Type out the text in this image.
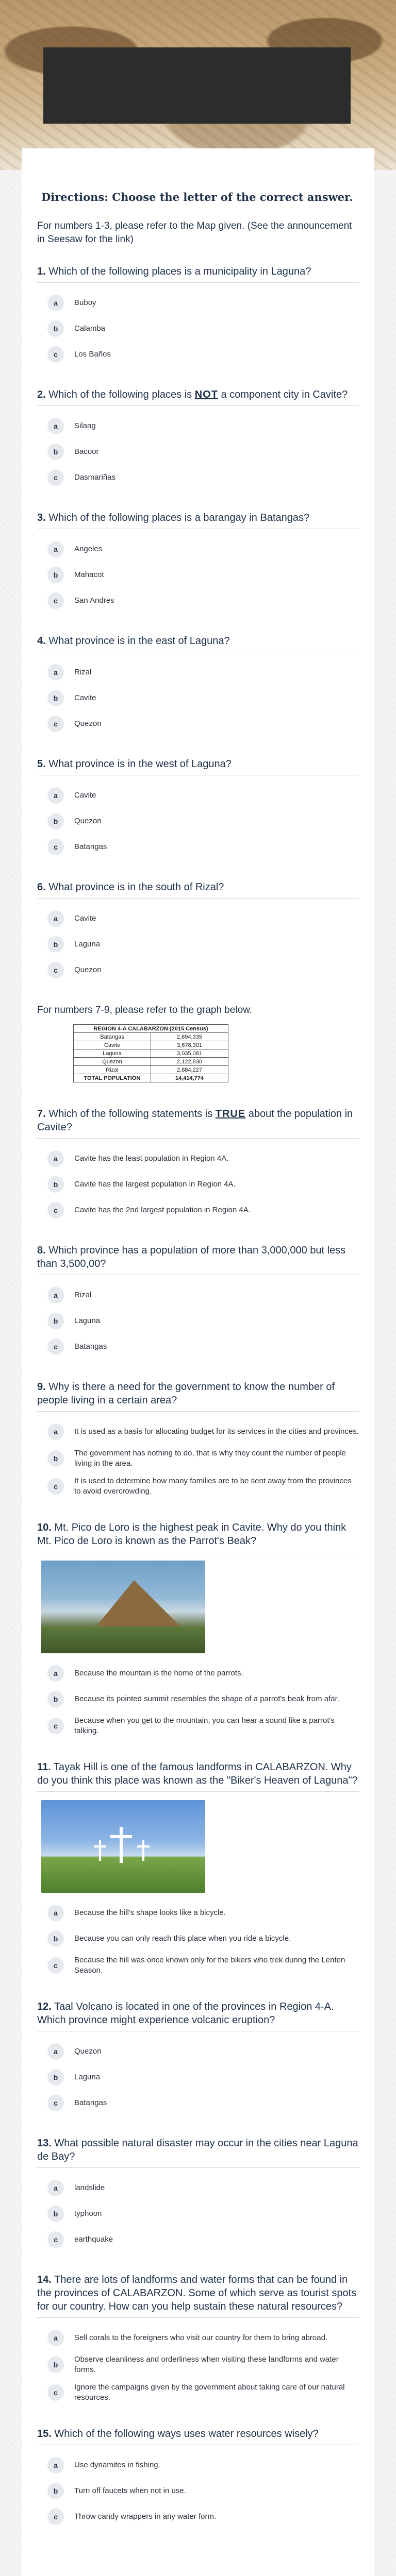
Directions: Choose the letter of the correct answer.
For numbers 1-3, please refer to the Map given. (See the announcement in Seesaw for the link)
1. Which of the following places is a municipality in Laguna?
a	Buboy
b	Calamba
c	Los Baños
2. Which of the following places is NOT a component city in Cavite?
a	Silang
b	Bacoor
c	Dasmariñas
3. Which of the following places is a barangay in Batangas?
a	Angeles
b	Mahacot
c	San Andres
4. What province is in the east of Laguna?
a	Rizal
b	Cavite
c	Quezon
5. What province is in the west of Laguna?
a	Cavite
b	Quezon
c	Batangas
6. What province is in the south of Rizal?
a	Cavite
b	Laguna
c	Quezon
For numbers 7-9, please refer to the graph below.
REGION 4-A CALABARZON (2015 Census)	
Batangas	2,694,335
Cavite	3,678,301
Laguna	3,035,081
Quezon	2,122,830
Rizal	2,884,227
TOTAL POPULATION	14,414,774
7. Which of the following statements is TRUE about the population in Cavite?
a	Cavite has the least population in Region 4A.
b	Cavite has the largest population in Region 4A.
c	Cavite has the 2nd largest population in Region 4A.
8. Which province has a population of more than 3,000,000 but less than 3,500,00?
a	Rizal
b	Laguna
c	Batangas
9. Why is there a need for the government to know the number of people living in a certain area?
a	It is used as a basis for allocating budget for its services in the cities and provinces.
b
The government has nothing to do, that is why they count the number of people living in the area.
c
It is used to determine how many families are to be sent away from the provinces to avoid overcrowding.
10. Mt. Pico de Loro is the highest peak in Cavite. Why do you think Mt. Pico de Loro is known as the Parrot's Beak?
a	Because the mountain is the home of the parrots.
b	Because its pointed summit resembles the shape of a parrot's beak from afar.
c
Because when you get to the mountain, you can hear a sound like a parrot's talking.
11. Tayak Hill is one of the famous landforms in CALABARZON. Why do you think this place was known as the "Biker's Heaven of Laguna"?
a	Because the hill's shape looks like a bicycle.
b	Because you can only reach this place when you ride a bicycle.
c
Because the hill was once known only for the bikers who trek during the Lenten Season.
12. Taal Volcano is located in one of the provinces in Region 4-A. Which province might experience volcanic eruption?
a	Quezon
b	Laguna
c	Batangas
13. What possible natural disaster may occur in the cities near Laguna de Bay?
a	landslide
b	typhoon
c	earthquake
14. There are lots of landforms and water forms that can be found in the provinces of CALABARZON. Some of which serve as tourist spots for our country. How can you help sustain these natural resources?
a	Sell corals to the foreigners who visit our country for them to bring abroad.
b
Observe cleanliness and orderliness when visiting these landforms and water forms.
c
Ignore the campaigns given by the government about taking care of our natural resources.
15. Which of the following ways uses water resources wisely?
a	Use dynamites in fishing.
b	Turn off faucets when not in use.
c	Throw candy wrappers in any water form.
